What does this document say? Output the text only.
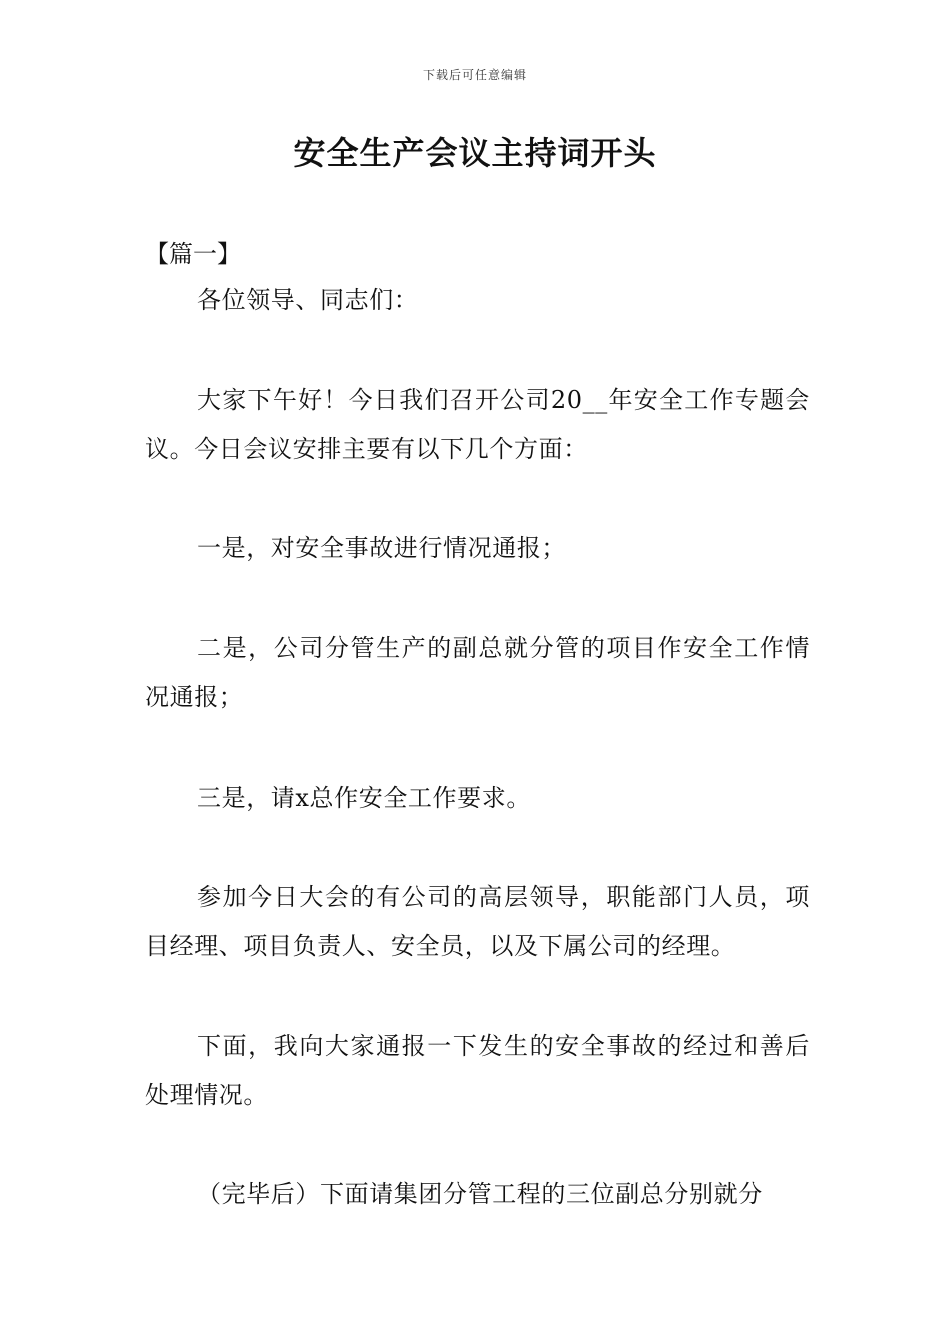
下载后可任意编辑
安全生产会议主持词开头

【篇一】

各位领导、同志们：

大家下午好！今日我们召开公司20__年安全工作专题会议。今日会议安排主要有以下几个方面：

一是，对安全事故进行情况通报；

二是，公司分管生产的副总就分管的项目作安全工作情况通报；

三是，请x总作安全工作要求。

参加今日大会的有公司的高层领导，职能部门人员，项目经理、项目负责人、安全员，以及下属公司的经理。

下面，我向大家通报一下发生的安全事故的经过和善后处理情况。

（完毕后）下面请集团分管工程的三位副总分别就分
